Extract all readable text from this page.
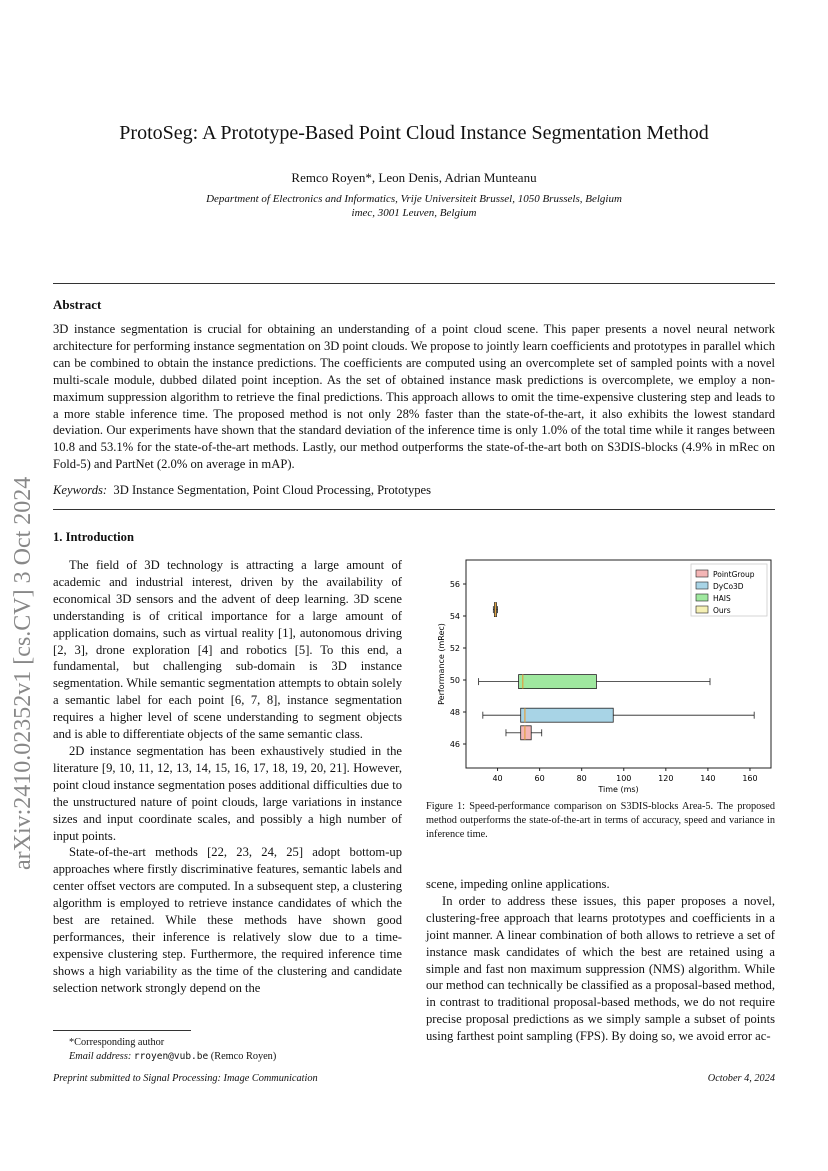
arXiv:2410.02352v1 [cs.CV] 3 Oct 2024
ProtoSeg: A Prototype-Based Point Cloud Instance Segmentation Method
Remco Royen*, Leon Denis, Adrian Munteanu
Department of Electronics and Informatics, Vrije Universiteit Brussel, 1050 Brussels, Belgium
imec, 3001 Leuven, Belgium
Abstract
3D instance segmentation is crucial for obtaining an understanding of a point cloud scene. This paper presents a novel neural network architecture for performing instance segmentation on 3D point clouds. We propose to jointly learn coefficients and prototypes in parallel which can be combined to obtain the instance predictions. The coefficients are computed using an overcomplete set of sampled points with a novel multi-scale module, dubbed dilated point inception. As the set of obtained instance mask predictions is overcomplete, we employ a non-maximum suppression algorithm to retrieve the final predictions. This approach allows to omit the time-expensive clustering step and leads to a more stable inference time. The proposed method is not only 28% faster than the state-of-the-art, it also exhibits the lowest standard deviation. Our experiments have shown that the standard deviation of the inference time is only 1.0% of the total time while it ranges between 10.8 and 53.1% for the state-of-the-art methods. Lastly, our method outperforms the state-of-the-art both on S3DIS-blocks (4.9% in mRec on Fold-5) and PartNet (2.0% on average in mAP).
Keywords: 3D Instance Segmentation, Point Cloud Processing, Prototypes
1. Introduction

The field of 3D technology is attracting a large amount of academic and industrial interest, driven by the availability of economical 3D sensors and the advent of deep learning. 3D scene understanding is of critical importance for a large amount of application domains, such as virtual reality [1], autonomous driving [2, 3], drone exploration [4] and robotics [5]. To this end, a fundamental, but challenging sub-domain is 3D instance segmentation. While semantic segmentation attempts to obtain solely a semantic label for each point [6, 7, 8], instance segmentation requires a higher level of scene understanding to segment objects and is able to differentiate objects of the same semantic class.

2D instance segmentation has been exhaustively studied in the literature [9, 10, 11, 12, 13, 14, 15, 16, 17, 18, 19, 20, 21]. However, point cloud instance segmentation poses additional difficulties due to the unstructured nature of point clouds, large variations in instance sizes and input coordinate scales, and possibly a high number of input points.

State-of-the-art methods [22, 23, 24, 25] adopt bottom-up approaches where firstly discriminative features, semantic labels and center offset vectors are computed. In a subsequent step, a clustering algorithm is employed to retrieve instance candidates of which the best are retained. While these methods have shown good performances, their inference is relatively slow due to a time-expensive clustering step. Furthermore, the required inference time shows a high variability as the time of the clustering and candidate selection network strongly depend on the

40	60	80	100	120	140	160
46
48
50
52
54
56
Time (ms)
Performance (mRec)
PointGroup
DyCo3D
HAIS
Ours
Figure 1: Speed-performance comparison on S3DIS-blocks Area-5. The proposed method outperforms the state-of-the-art in terms of accuracy, speed and variance in inference time.

scene, impeding online applications.

In order to address these issues, this paper proposes a novel, clustering-free approach that learns prototypes and coefficients in a joint manner. A linear combination of both allows to retrieve a set of instance mask candidates of which the best are retained using a simple and fast non maximum suppression (NMS) algorithm. While our method can technically be classified as a proposal-based method, in contrast to traditional proposal-based methods, we do not require precise proposal predictions as we simply sample a subset of points using farthest point sampling (FPS). By doing so, we avoid error ac-

*Corresponding author
Email address: rroyen@vub.be (Remco Royen)
Preprint submitted to Signal Processing: Image Communication	October 4, 2024
